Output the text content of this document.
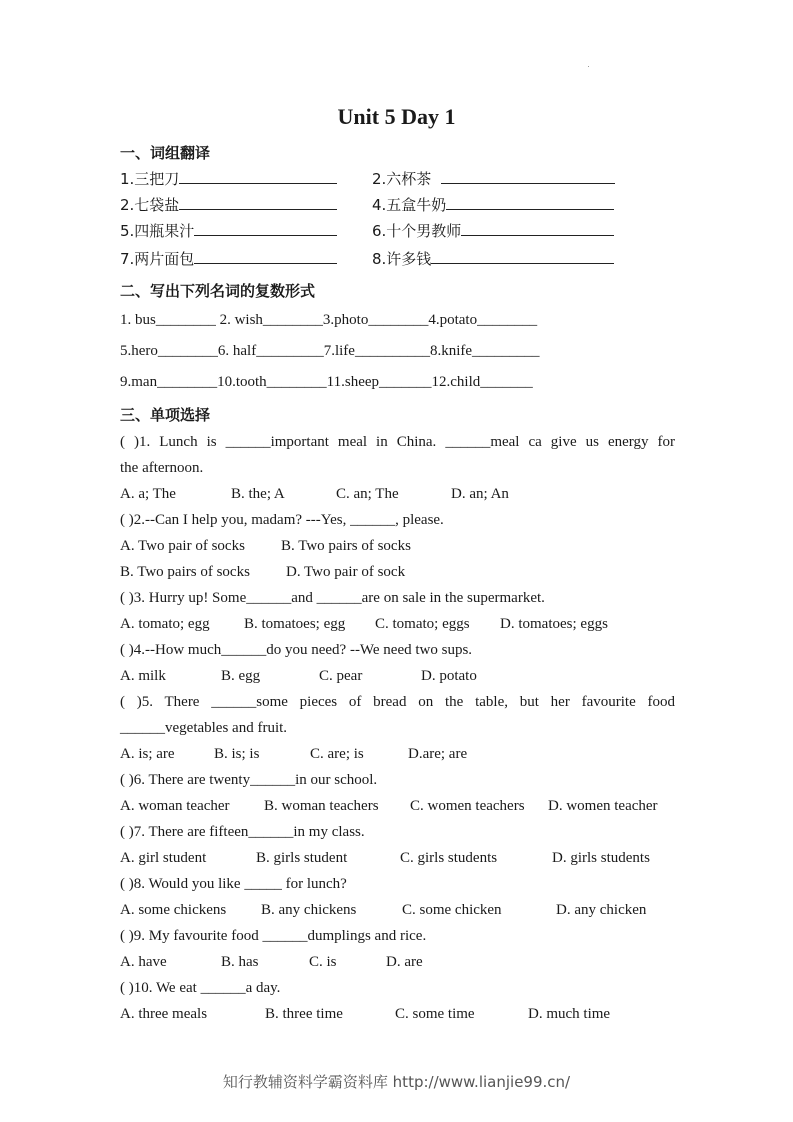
Unit 5 Day 1
一、词组翻译
1.三把刀	2.六杯茶
2.七袋盐	4.五盒牛奶
5.四瓶果汁	6.十个男教师
7.两片面包	8.许多钱
二、写出下列名词的复数形式
1. bus________ 2. wish________3.photo________4.potato________
5.hero________6. half_________7.life__________8.knife_________
9.man________10.tooth________11.sheep_______12.child_______
三、单项选择
( )1. Lunch is ______important meal in China. ______meal ca give us energy for
the afternoon.
A. a; The	B. the; A	C. an; The	D. an; An
( )2.--Can I help you, madam? ---Yes, ______, please.
A. Two pair of socks B. Two pairs of socks
B. Two pairs of socks D. Two pair of sock
( )3. Hurry up! Some______and ______are on sale in the supermarket.
A. tomato; egg B. tomatoes; egg C. tomato; eggs D. tomatoes; eggs
( )4.--How much______do you need? --We need two sups.
A. milk	B. egg	C. pear	D. potato
( )5. There ______some pieces of bread on the table, but her favourite food
______vegetables and fruit.
A. is; are	B. is; is	C. are; is	D.are; are
( )6. There are twenty______in our school.
A. woman teacher B. woman teachers C. women teachers D. women teacher
( )7. There are fifteen______in my class.
A. girl student	B. girls student	C. girls students	D. girls students
( )8. Would you like _____ for lunch?
A. some chickens B. any chickens	C. some chicken	D. any chicken
( )9. My favourite food ______dumplings and rice.
A. have	B. has	C. is	D. are
( )10. We eat ______a day.
A. three meals	B. three time	C. some time	D. much time
知行教辅资料学霸资料库 http://www.lianjie99.cn/
